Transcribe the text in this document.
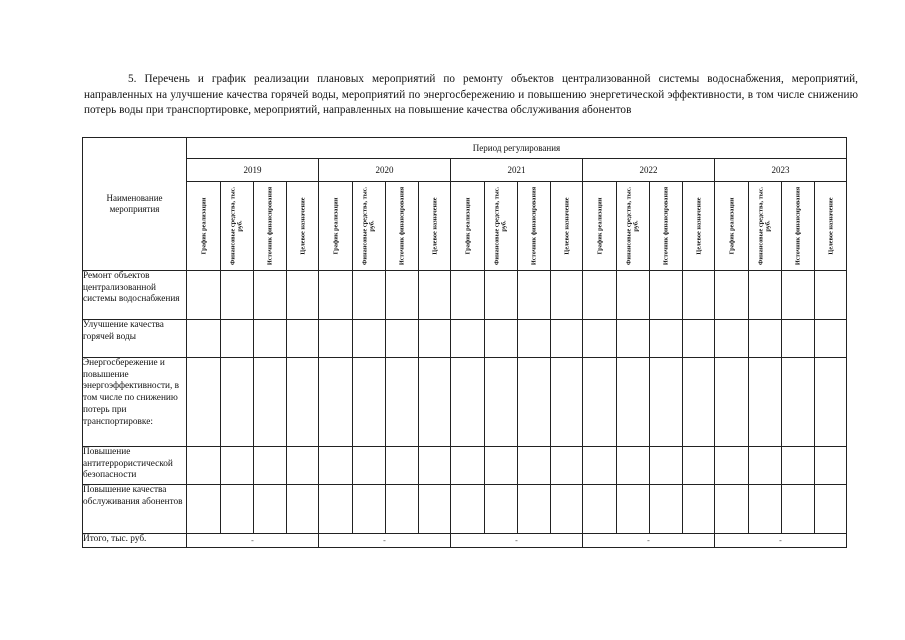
5. Перечень и график реализации плановых мероприятий по ремонту объектов централизованной системы водоснабжения, мероприятий, направленных на улучшение качества горячей воды, мероприятий по энергосбережению и повышению энергетической эффективности, в том числе снижению потерь воды при транспортировке, мероприятий, направленных на повышение качества обслуживания абонентов
Наименование
мероприятия	Период регулирования																			
	2019				2020				2021				2022				2023			

	График реализации	Финансовые средства, тыс. руб.	Источник финансирования	Целевое назначение	График реализации	Финансовые средства, тыс. руб.	Источник финансирования	Целевое назначение	График реализации	Финансовые средства, тыс. руб.	Источник финансирования	Целевое назначение	График реализации	Финансовые средства, тыс. руб.	Источник финансирования	Целевое назначение	График реализации	Финансовые средства, тыс. руб.	Источник финансирования	Целевое назначение

Ремонт объектов централизованной системы водоснабжения																				
Улучшение качества горячей воды																				
Энергосбережение и повышение энергоэффективности, в том числе по снижению потерь при транспортировке:																				
Повышение антитеррористической безопасности																				
Повышение качества обслуживания абонентов																				
Итого, тыс. руб.	-				-				-				-				-			
